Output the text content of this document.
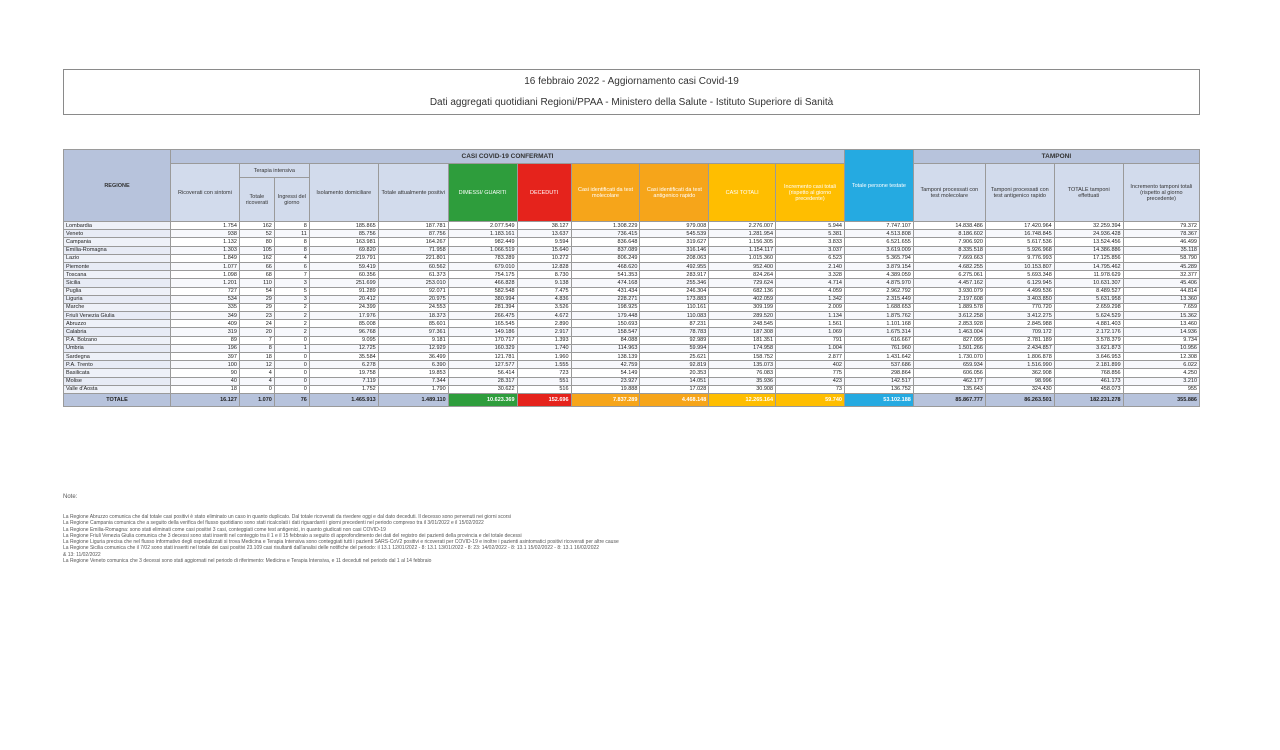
16 febbraio 2022 - Aggiornamento casi Covid-19
Dati aggregati quotidiani Regioni/PPAA - Ministero della Salute - Istituto Superiore di Sanità
REGIONE	CASI COVID-19 CONFERMATI											Totale persone testate	TAMPONI			
	Ricoverati con sintomi	Terapia intensiva		Isolamento domiciliare	Totale attualmente positivi	DIMESSI/ GUARITI	DECEDUTI	Casi identificati da test molecolare	Casi identificati da test antigenico rapido	CASI TOTALI	Incremento casi totali (rispetto al giorno precedente)		Tamponi processati con test molecolare	Tamponi processati con test antigenico rapido	TOTALE tamponi effettuati	Incremento tamponi totali (rispetto al giorno precedente)
		Totale ricoverati	Ingressi del giorno													
Lombardia	1.754	162	8	185.865	187.781	2.077.549	38.127	1.308.229	979.008	2.276.007	5.944	7.747.107	14.838.486	17.420.964	32.259.394	79.372
Veneto	938	52	11	85.756	87.756	1.183.161	13.637	736.415	545.539	1.281.954	5.381	4.513.808	8.186.602	16.748.845	24.936.428	78.367
Campania	1.132	80	8	163.981	164.267	982.449	9.594	836.648	319.627	1.156.305	3.833	6.521.655	7.906.920	5.617.536	13.524.456	46.499
Emilia-Romagna	1.303	105	8	69.820	71.958	1.066.519	15.640	837.089	316.146	1.154.117	3.037	3.619.009	8.335.518	5.926.968	14.386.886	35.118
Lazio	1.849	162	4	219.791	221.801	783.289	10.272	806.249	208.063	1.015.360	6.523	5.365.794	7.669.663	9.776.993	17.125.856	58.790
Piemonte	1.077	66	6	59.419	60.562	679.010	12.828	468.620	492.955	952.400	2.140	3.879.154	4.682.255	10.153.807	14.795.462	45.289
Toscana	1.098	68	7	60.356	61.373	754.175	8.730	541.353	283.917	824.264	3.328	4.389.059	6.275.061	5.693.348	11.978.629	32.377
Sicilia	1.201	110	3	251.699	253.010	466.828	9.138	474.168	255.346	729.624	4.714	4.875.970	4.457.162	6.129.945	10.631.307	45.406
Puglia	727	54	5	91.289	92.071	582.548	7.475	431.434	246.304	682.136	4.059	2.962.792	3.930.079	4.499.536	8.489.527	44.814
Liguria	534	29	3	20.412	20.975	380.994	4.836	228.271	173.883	402.059	1.342	2.315.449	2.197.608	3.403.850	5.631.958	13.360
Marche	335	29	2	24.399	24.553	281.394	3.526	198.925	110.161	309.199	2.009	1.688.653	1.889.578	770.720	2.659.298	7.659
Friuli Venezia Giulia	349	23	2	17.976	18.373	266.475	4.672	179.448	110.083	289.520	1.134	1.875.762	3.612.258	3.412.275	5.624.529	15.362
Abruzzo	409	24	2	85.008	85.601	165.545	2.890	150.693	87.231	248.545	1.561	1.101.168	2.853.928	2.845.988	4.881.403	13.460
Calabria	319	20	2	96.768	97.361	149.186	2.917	158.547	78.783	187.308	1.069	1.675.314	1.463.004	709.172	2.172.176	14.936
P.A. Bolzano	89	7	0	9.095	9.181	170.717	1.393	84.088	92.989	181.351	791	616.667	827.095	2.781.189	3.578.379	9.734
Umbria	196	8	1	12.725	12.929	160.329	1.740	114.963	59.994	174.958	1.004	761.960	1.501.266	2.434.857	3.621.873	10.956
Sardegna	397	18	0	35.584	36.499	121.781	1.960	138.139	25.621	158.752	2.877	1.431.642	1.730.070	1.806.878	3.646.953	12.308
P.A. Trento	100	12	0	6.278	6.390	127.577	1.555	42.759	92.819	135.073	402	537.686	659.934	1.516.990	2.181.899	6.022
Basilicata	90	4	0	19.758	19.853	56.414	723	54.149	20.353	76.083	775	298.864	606.056	362.908	768.856	4.250
Molise	40	4	0	7.119	7.344	28.317	551	23.927	14.051	35.936	423	142.517	462.177	98.996	461.173	3.210
Valle d'Aosta	18	0	0	1.752	1.790	30.622	516	19.888	17.028	30.908	73	136.752	135.643	324.430	458.073	955
TOTALE	16.127	1.070	76	1.465.913	1.489.110	10.623.369	152.696	7.837.289	4.468.148	12.265.164	59.740	53.102.188	85.867.777	86.263.501	182.231.278	355.886
Note:
La Regione Abruzzo comunica che dal totale casi positivi è stato eliminato un caso in quanto duplicato. Dal totale ricoverati da rivedere oggi e dal dato deceduti. Il decesso sono pervenuti nei giorni scorsi
La Regione Campania comunica che a seguito della verifica del flusso quotidiano sono stati ricalcolati i dati riguardanti i giorni precedenti nel periodo compreso tra il 3/01/2022 e il 15/02/2022
La Regione Emilia-Romagna: sono stati eliminati come casi positivi 3 casi, conteggiati come test antigenici, in quanto giudicati non casi COVID-19
La Regione Friuli Venezia Giulia comunica che 3 decessi sono stati inseriti nel conteggio tra il 1 e il 15 febbraio a seguito di approfondimento dei dati del registro dei pazienti della provincia e del totale decessi
La Regione Liguria precisa che nel flusso informativo degli ospedalizzati si trova Medicina e Terapia Intensiva sono conteggiati tutti i pazienti SARS-CoV2 positivi e ricoverati per COVID-19 e inoltre i pazienti asintomatici positivi ricoverati per altre cause
La Regione Sicilia comunica che il 7/02 sono stati inseriti nel totale dei casi positivi 23.109 casi risultanti dall'analisi delle notifiche del periodo: il 13.1 12/01/2022 - 8: 13.1 13/01/2022 - 8: 23: 14/02/2022 - 8: 13.1 15/02/2022 - 8: 13.1 16/02/2022
& 13: 11/02/2022
La Regione Veneto comunica che 3 decessi sono stati aggiornati nel periodo di riferimento: Medicina e Terapia Intensiva, e 11 deceduti nel periodo dal 1 al 14 febbraio
